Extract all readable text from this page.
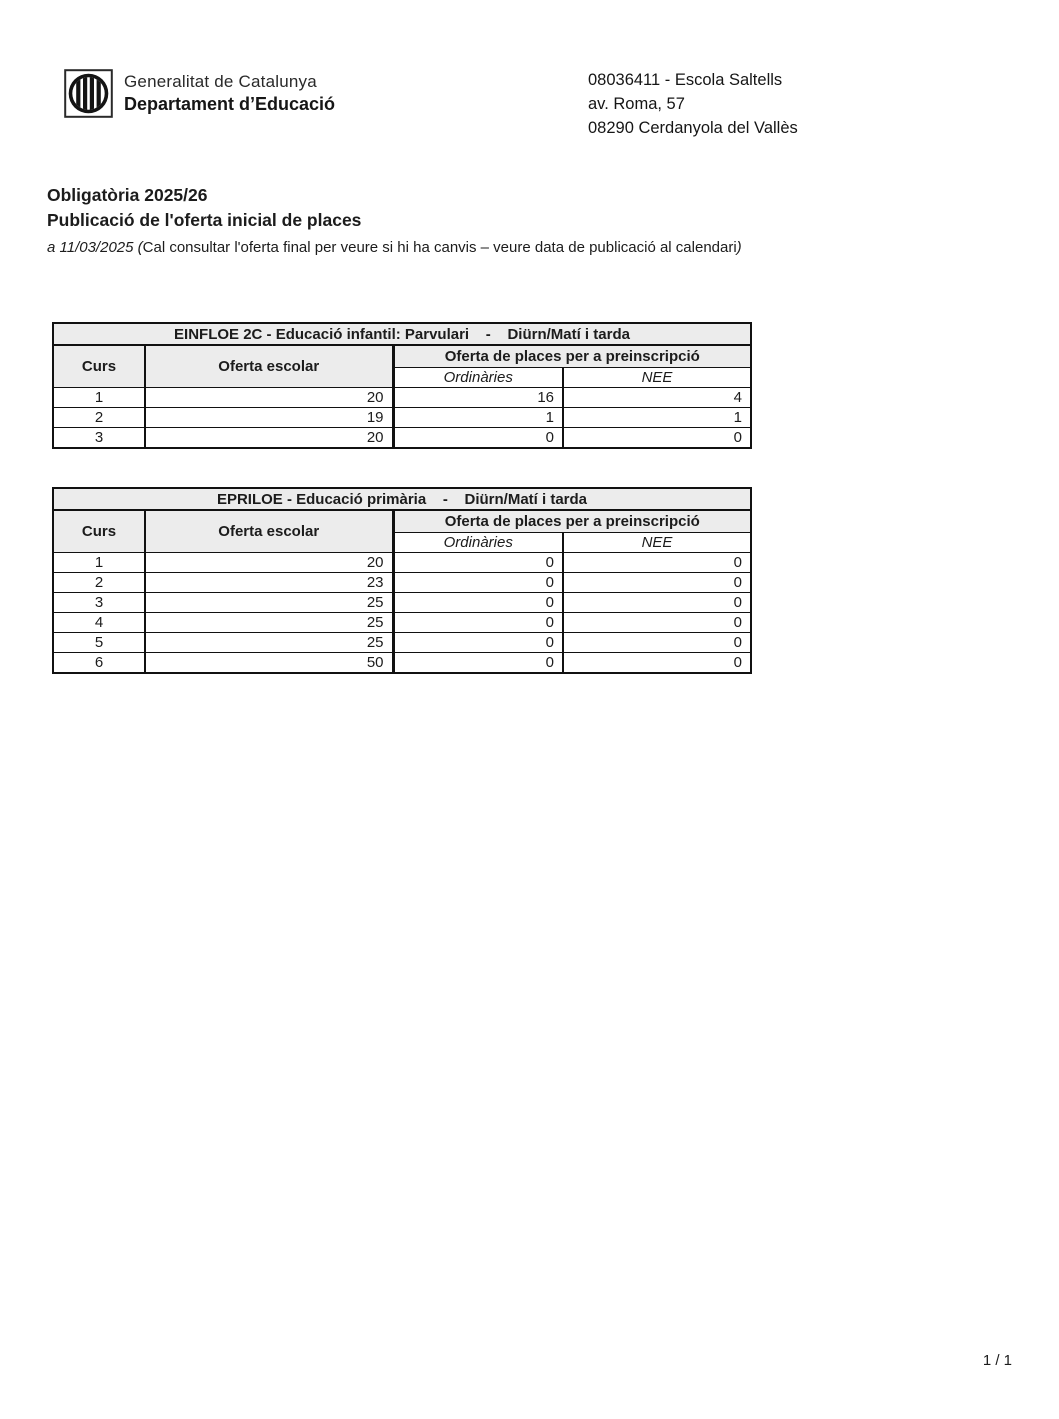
Generalitat de Catalunya
Departament d’Educació
08036411 - Escola Saltells
av. Roma, 57
08290 Cerdanyola del Vallès
Obligatòria 2025/26
Publicació de l'oferta inicial de places
a 11/03/2025 (Cal consultar l'oferta final per veure si hi ha canvis – veure data de publicació al calendari)
EINFLOE 2C - Educació infantil: Parvulari    -    Diürn/Matí i tarda			
Curs	Oferta escolar	Oferta de places per a preinscripció	
		Ordinàries	NEE
1	20	16	4
2	19	1	1
3	20	0	0
EPRILOE - Educació primària    -    Diürn/Matí i tarda			
Curs	Oferta escolar	Oferta de places per a preinscripció	
		Ordinàries	NEE
1	20	0	0
2	23	0	0
3	25	0	0
4	25	0	0
5	25	0	0
6	50	0	0
1 / 1
